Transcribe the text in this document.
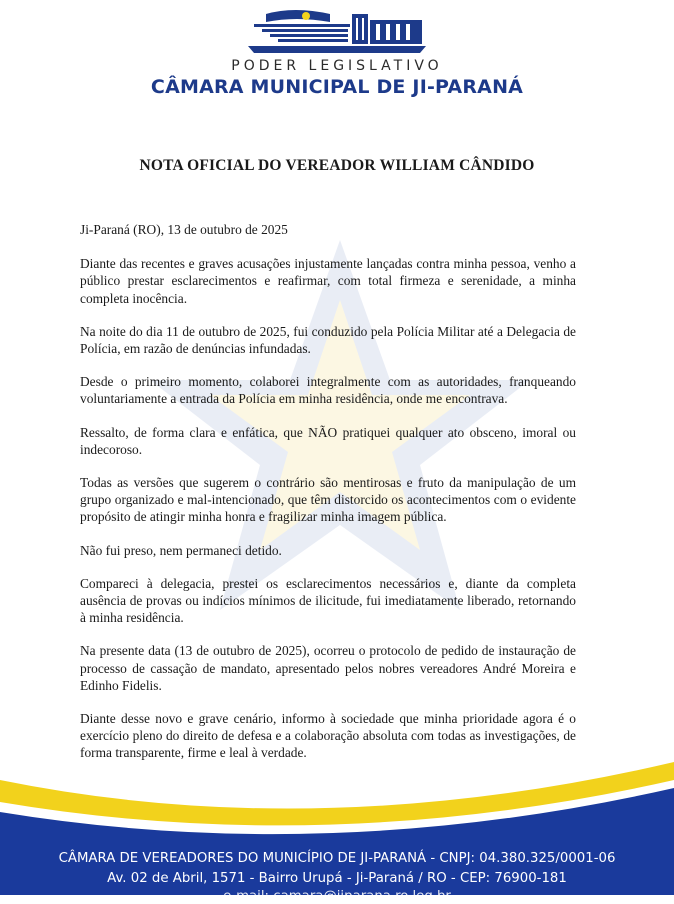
PODER LEGISLATIVO
CÂMARA MUNICIPAL DE JI-PARANÁ
NOTA OFICIAL DO VEREADOR WILLIAM CÂNDIDO

Ji-Paraná (RO), 13 de outubro de 2025

Diante das recentes e graves acusações injustamente lançadas contra minha pessoa, venho a público prestar esclarecimentos e reafirmar, com total firmeza e serenidade, a minha completa inocência.

Na noite do dia 11 de outubro de 2025, fui conduzido pela Polícia Militar até a Delegacia de Polícia, em razão de denúncias infundadas.

Desde o primeiro momento, colaborei integralmente com as autoridades, franqueando voluntariamente a entrada da Polícia em minha residência, onde me encontrava.

Ressalto, de forma clara e enfática, que NÃO pratiquei qualquer ato obsceno, imoral ou indecoroso.

Todas as versões que sugerem o contrário são mentirosas e fruto da manipulação de um grupo organizado e mal-intencionado, que têm distorcido os acontecimentos com o evidente propósito de atingir minha honra e fragilizar minha imagem pública.

Não fui preso, nem permaneci detido.

Compareci à delegacia, prestei os esclarecimentos necessários e, diante da completa ausência de provas ou indícios mínimos de ilicitude, fui imediatamente liberado, retornando à minha residência.

Na presente data (13 de outubro de 2025), ocorreu o protocolo de pedido de instauração de processo de cassação de mandato, apresentado pelos nobres vereadores André Moreira e Edinho Fidelis.

Diante desse novo e grave cenário, informo à sociedade que minha prioridade agora é o exercício pleno do direito de defesa e a colaboração absoluta com todas as investigações, de forma transparente, firme e leal à verdade.

CÂMARA DE VEREADORES DO MUNICÍPIO DE JI-PARANÁ - CNPJ: 04.380.325/0001-06
Av. 02 de Abril, 1571 - Bairro Urupá - Ji-Paraná / RO - CEP: 76900-181
e-mail: camara@jiparana.ro.leg.br
